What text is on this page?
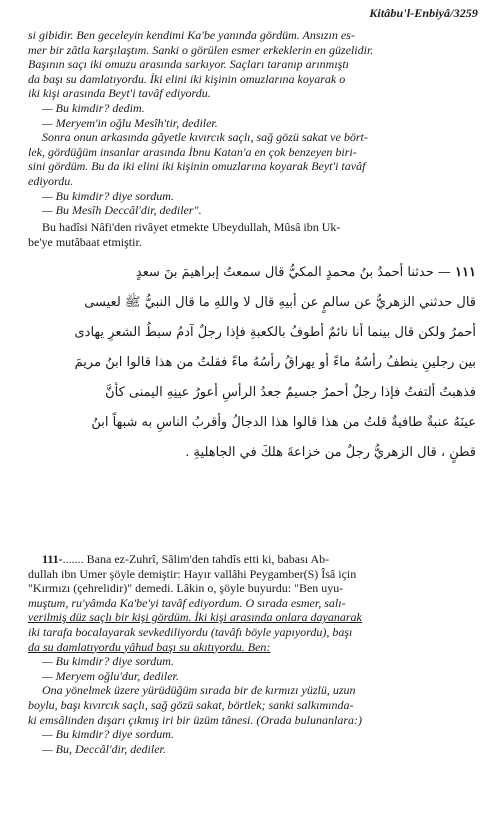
Kitâbu'l-Enbiyâ/3259
si gibidir. Ben geceleyin kendimi Ka'be yanında gördüm. Ansızın es-
mer bir zâtla karşılaştım. Sanki o görülen esmer erkeklerin en güzelidir.
Başının saçı iki omuzu arasında sarkıyor. Saçları taranıp arınmıştı
da başı su damlatıyordu. İki elini iki kişinin omuzlarına koyarak o
iki kişi arasında Beyt'i tavâf ediyordu.
— Bu kimdir? dedim.
— Meryem'in oğlu Mesîh'tir, dediler.
Sonra onun arkasında gâyetle kıvırcık saçlı, sağ gözü sakat ve bört-
lek, gördüğüm insanlar arasında İbnu Katan'a en çok benzeyen biri-
sini gördüm. Bu da iki elini iki kişinin omuzlarına koyarak Beyt'i tavâf
ediyordu.
— Bu kimdir? diye sordum.
— Bu Mesîh Deccâl'dir, dediler".
Bu hadîsi Nâfi'den rivâyet etmekte Ubeydullah, Mûsâ ibn Uk-
be'ye mutâbaat etmiştir.
١١١ — حدثنا أحمدُ بنُ محمدٍ المكيُّ قال سمعتُ إبراهيمَ بنَ سعدٍ
قال حدثني الزهريُّ عن سالمٍ عن أبيهِ قال لا واللهِ ما قال النبيُّ ﷺ لعيسى
أحمرُ ولكن قال بينما أنا نائمٌ أطوفُ بالكعبةِ فإذا رجلٌ آدمُ سبطُ الشعرِ يهادى
بين رجلينِ ينطفُ رأسُهُ ماءً أو يهراقُ رأسُهُ ماءً فقلتُ من هذا قالوا ابنُ مريمَ
فذهبتُ ألتفتُ فإذا رجلٌ أحمرُ جسيمٌ جعدُ الرأسِ أعورُ عينِهِ اليمنى كأنَّ
عينَهُ عنبةٌ طافيةٌ قلتُ من هذا قالوا هذا الدجالُ وأقربُ الناسِ به شبهاً ابنُ
قطنٍ ، قال الزهريُّ رجلٌ من خزاعةَ هلكَ في الجاهليةِ .
111-....... Bana ez-Zuhrî, Sâlim'den tahdîs etti ki, babası Ab-
dullah ibn Umer şöyle demiştir: Hayır vallâhi Peygamber(S) Îsâ için
"Kırmızı (çehrelidir)" demedi. Lâkin o, şöyle buyurdu: "Ben uyu-
muştum, ru'yâmda Ka'be'yi tavâf ediyordum. O sırada esmer, salı-
verilmiş düz saçlı bir kişi gördüm. İki kişi arasında onlara dayanarak
iki tarafa bocalayarak sevkediliyordu (tavâfı böyle yapıyordu), başı
da su damlatıyordu yâhud başı su akıtıyordu. Ben:
— Bu kimdir? diye sordum.
— Meryem oğlu'dur, dediler.
Ona yönelmek üzere yürüdüğüm sırada bir de kırmızı yüzlü, uzun
boylu, başı kıvırcık saçlı, sağ gözü sakat, börtlek; sanki salkımında-
ki emsâlinden dışarı çıkmış iri bir üzüm tânesi. (Orada bulunanlara:)
— Bu kimdir? diye sordum.
— Bu, Deccâl'dir, dediler.
